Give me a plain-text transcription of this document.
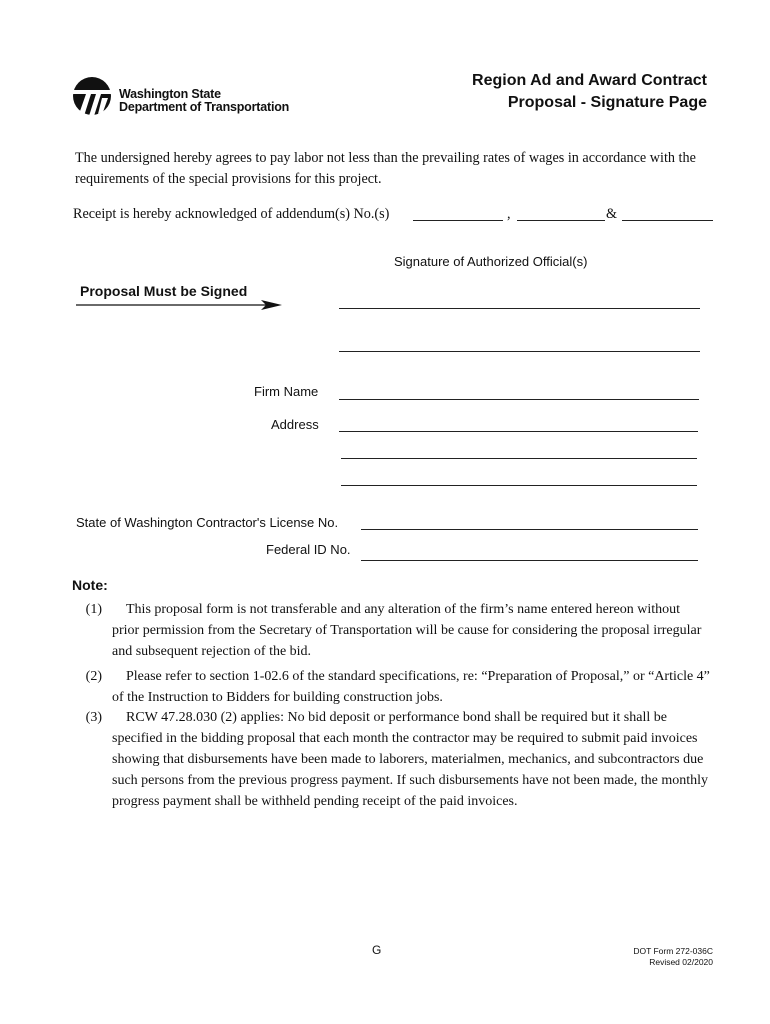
Washington State
Department of Transportation
Region Ad and Award Contract
Proposal - Signature Page
The undersigned hereby agrees to pay labor not less than the prevailing rates of wages in accordance with the requirements of the special provisions for this project.
Receipt is hereby acknowledged of addendum(s) No.(s)	,	&
Signature of Authorized Official(s)
Proposal Must be Signed
Firm Name
Address
State of Washington Contractor's License No.
Federal ID No.
Note:
(1)	This proposal form is not transferable and any alteration of the firm’s name entered hereon without prior permission from the Secretary of Transportation will be cause for considering the proposal irregular and subsequent rejection of the bid.
(2)	Please refer to section 1-02.6 of the standard specifications, re: “Preparation of Proposal,” or “Article 4” of the Instruction to Bidders for building construction jobs.
(3)	RCW 47.28.030 (2) applies: No bid deposit or performance bond shall be required but it shall be specified in the bidding proposal that each month the contractor may be required to submit paid invoices showing that disbursements have been made to laborers, materialmen, mechanics, and subcontractors due such persons from the previous progress payment. If such disbursements have not been made, the monthly progress payment shall be withheld pending receipt of the paid invoices.
G	DOT Form 272-036C
Revised 02/2020
